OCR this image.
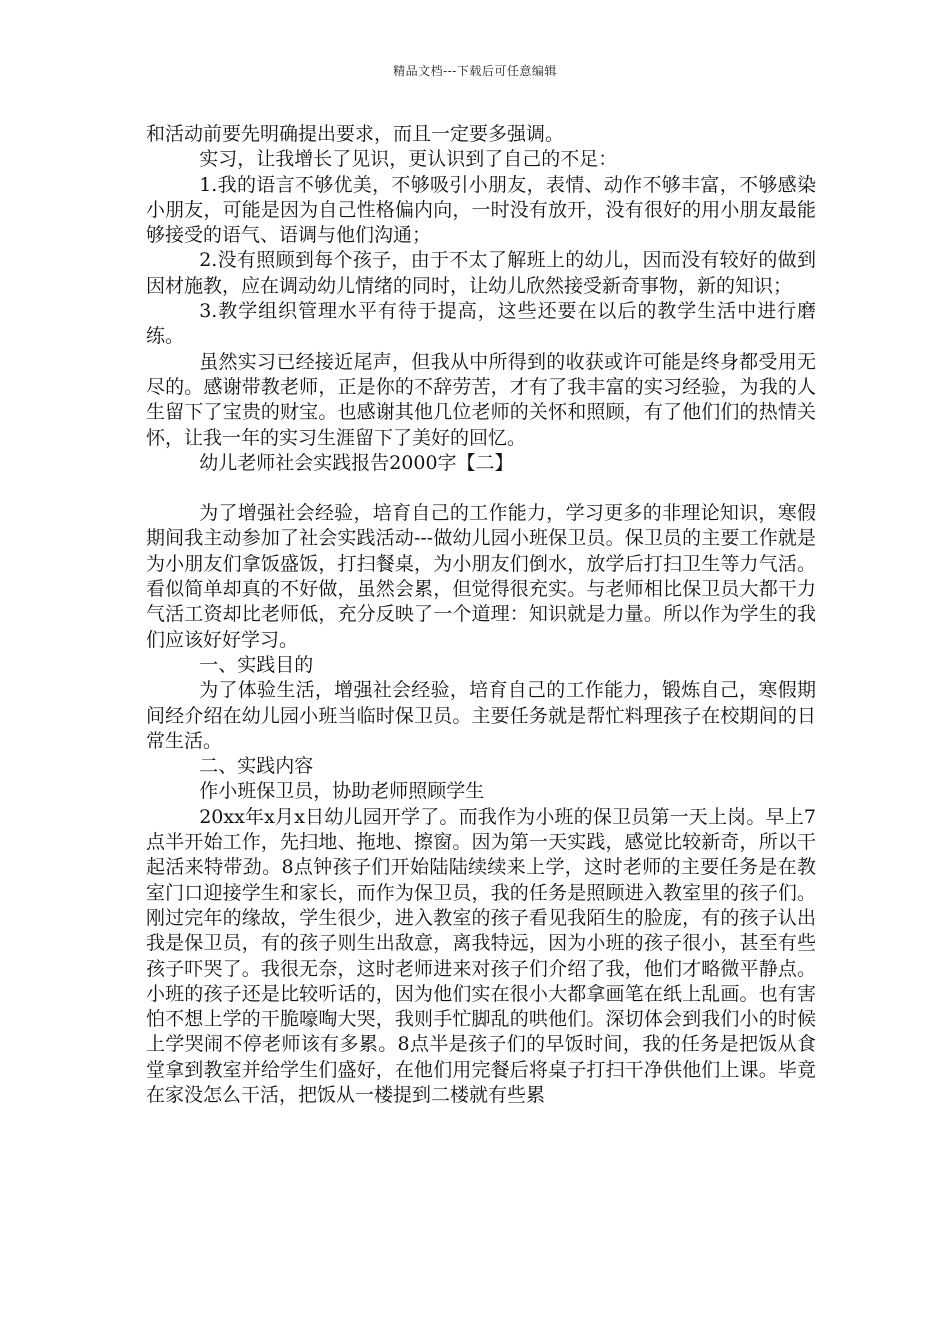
精品文档---下载后可任意编辑

和活动前要先明确提出要求，而且一定要多强调。

实习，让我增长了见识，更认识到了自己的不足：

1.我的语言不够优美，不够吸引小朋友，表情、动作不够丰富，不够感染小朋友，可能是因为自己性格偏内向，一时没有放开，没有很好的用小朋友最能够接受的语气、语调与他们沟通；

2.没有照顾到每个孩子，由于不太了解班上的幼儿，因而没有较好的做到因材施教，应在调动幼儿情绪的同时，让幼儿欣然接受新奇事物，新的知识；

3.教学组织管理水平有待于提高，这些还要在以后的教学生活中进行磨练。

虽然实习已经接近尾声，但我从中所得到的收获或许可能是终身都受用无尽的。感谢带教老师，正是你的不辞劳苦，才有了我丰富的实习经验，为我的人生留下了宝贵的财宝。也感谢其他几位老师的关怀和照顾，有了他们们的热情关怀，让我一年的实习生涯留下了美好的回忆。

幼儿老师社会实践报告2000字【二】

为了增强社会经验，培育自己的工作能力，学习更多的非理论知识，寒假期间我主动参加了社会实践活动---做幼儿园小班保卫员。保卫员的主要工作就是为小朋友们拿饭盛饭，打扫餐桌，为小朋友们倒水，放学后打扫卫生等力气活。看似简单却真的不好做，虽然会累，但觉得很充实。与老师相比保卫员大都干力气活工资却比老师低，充分反映了一个道理：知识就是力量。所以作为学生的我们应该好好学习。

一、实践目的

为了体验生活，增强社会经验，培育自己的工作能力，锻炼自己，寒假期间经介绍在幼儿园小班当临时保卫员。主要任务就是帮忙料理孩子在校期间的日常生活。

二、实践内容

作小班保卫员，协助老师照顾学生

20xx年x月x日幼儿园开学了。而我作为小班的保卫员第一天上岗。早上7点半开始工作，先扫地、拖地、擦窗。因为第一天实践，感觉比较新奇，所以干起活来特带劲。8点钟孩子们开始陆陆续续来上学，这时老师的主要任务是在教室门口迎接学生和家长，而作为保卫员，我的任务是照顾进入教室里的孩子们。刚过完年的缘故，学生很少，进入教室的孩子看见我陌生的脸庞，有的孩子认出我是保卫员，有的孩子则生出敌意，离我特远，因为小班的孩子很小，甚至有些孩子吓哭了。我很无奈，这时老师进来对孩子们介绍了我，他们才略微平静点。小班的孩子还是比较听话的，因为他们实在很小大都拿画笔在纸上乱画。也有害怕不想上学的干脆嚎啕大哭，我则手忙脚乱的哄他们。深切体会到我们小的时候上学哭闹不停老师该有多累。8点半是孩子们的早饭时间，我的任务是把饭从食堂拿到教室并给学生们盛好，在他们用完餐后将桌子打扫干净供他们上课。毕竟在家没怎么干活，把饭从一楼提到二楼就有些累
